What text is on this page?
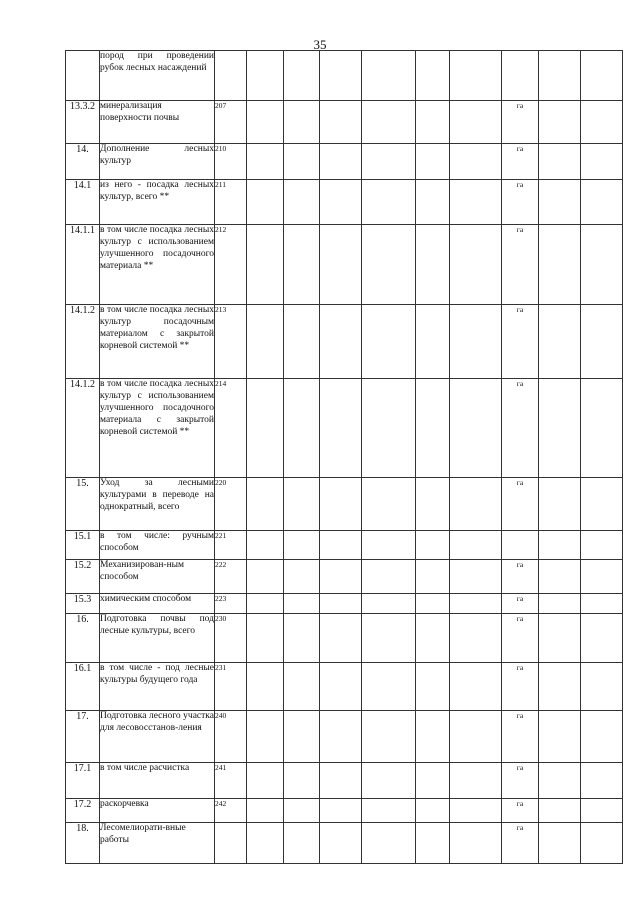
35
	пород при проведении рубок лесных насаждений										
13.3.2	минерализация поверхности почвы	207							га		
14.	Дополнение лесных культур	210							га		
14.1	из него - посадка лесных культур, всего **	211							га		
14.1.1	в том числе посадка лесных культур с использованием улучшенного посадочного материала **	212							га		
14.1.2	в том числе посадка лесных культур посадочным материалом с закрытой корневой системой **	213							га		
14.1.2	в том числе посадка лесных культур с использованием улучшенного посадочного материала с закрытой корневой системой **	214							га		
15.	Уход за лесными культурами в переводе на однократный, всего	220							га		
15.1	в том числе: ручным способом	221									
15.2	Механизирован-ным способом	222							га		
15.3	химическим способом	223							га		
16.	Подготовка почвы под лесные культуры, всего	230							га		
16.1	в том числе - под лесные культуры будущего года	231							га		
17.	Подготовка лесного участка для лесовосстанов-ления	240							га		
17.1	в том числе расчистка	241							га		
17.2	раскорчевка	242							га		
18.	Лесомелиорати-вные работы								га		
